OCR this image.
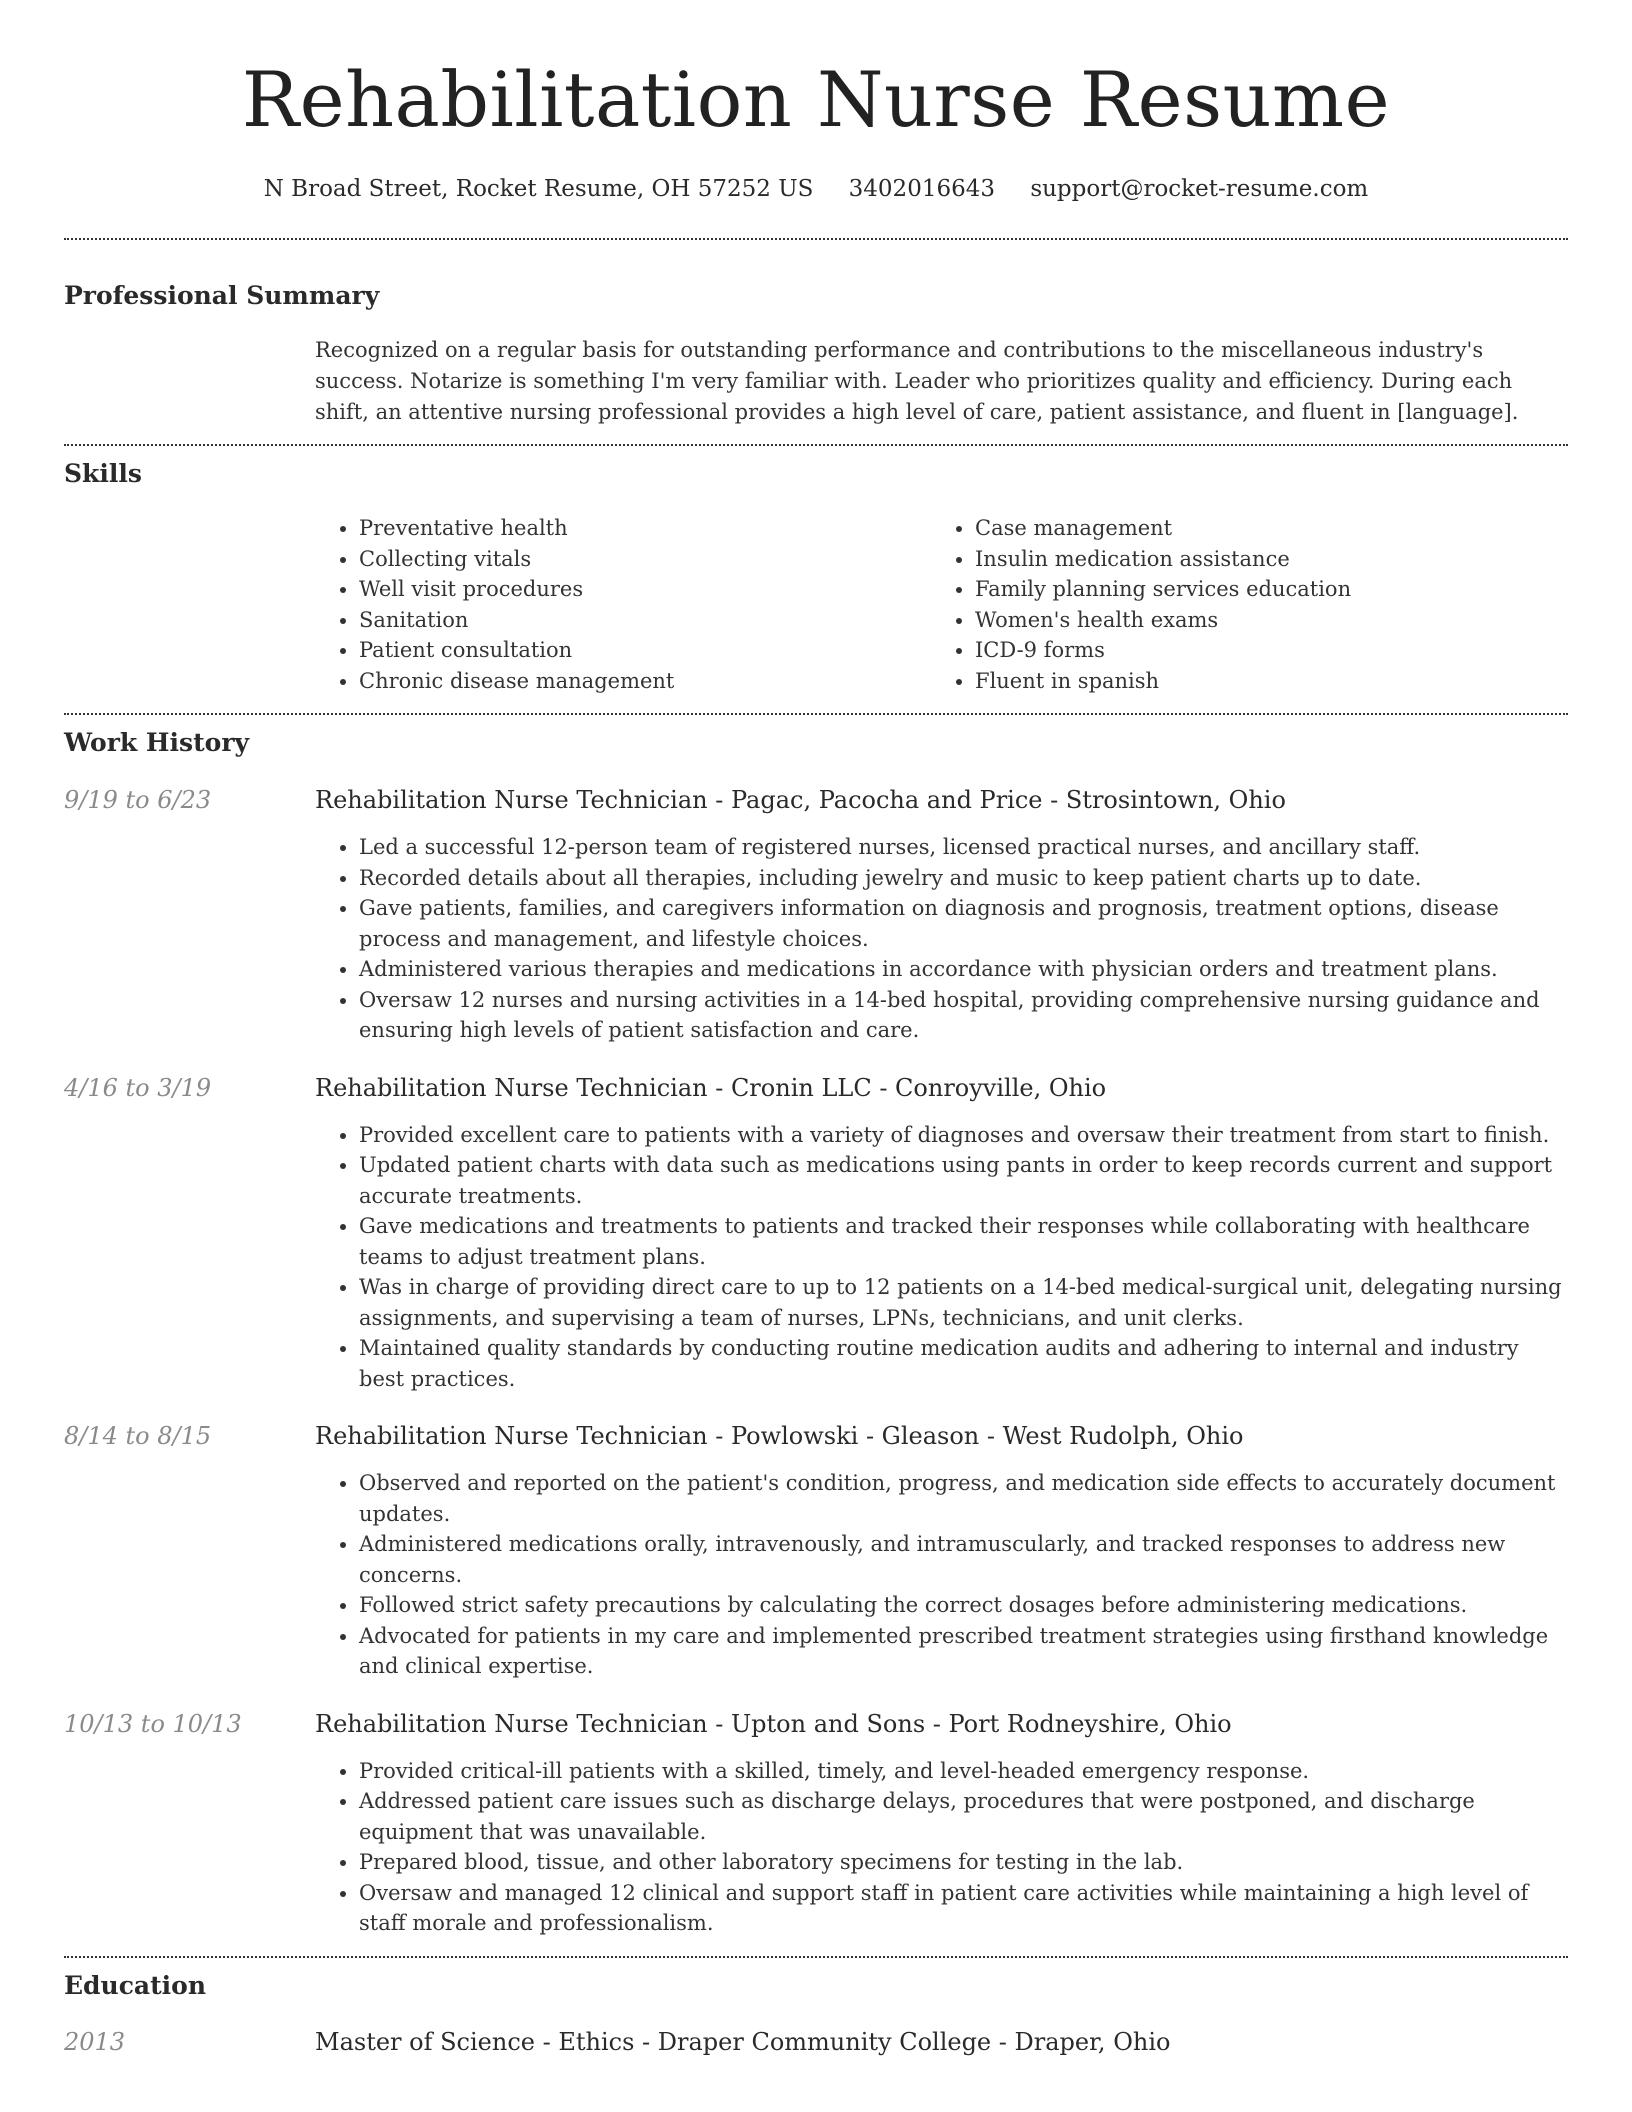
Rehabilitation Nurse Resume
N Broad Street, Rocket Resume, OH 57252 US 3402016643 support@rocket-resume.com
Professional Summary

Recognized on a regular basis for outstanding performance and contributions to the miscellaneous industry's success. Notarize is something I'm very familiar with. Leader who prioritizes quality and efficiency. During each shift, an attentive nursing professional provides a high level of care, patient assistance, and fluent in [language].

Skills
• Preventative health
• Collecting vitals
• Well visit procedures
• Sanitation
• Patient consultation
• Chronic disease management
• Case management
• Insulin medication assistance
• Family planning services education
• Women's health exams
• ICD-9 forms
• Fluent in spanish
Work History
9/19 to 6/23	Rehabilitation Nurse Technician - Pagac, Pacocha and Price - Strosintown, Ohio
• Led a successful 12-person team of registered nurses, licensed practical nurses, and ancillary staff.
• Recorded details about all therapies, including jewelry and music to keep patient charts up to date.
• Gave patients, families, and caregivers information on diagnosis and prognosis, treatment options, disease process and management, and lifestyle choices.
• Administered various therapies and medications in accordance with physician orders and treatment plans.
• Oversaw 12 nurses and nursing activities in a 14-bed hospital, providing comprehensive nursing guidance and ensuring high levels of patient satisfaction and care.
4/16 to 3/19	Rehabilitation Nurse Technician - Cronin LLC - Conroyville, Ohio
• Provided excellent care to patients with a variety of diagnoses and oversaw their treatment from start to finish.
• Updated patient charts with data such as medications using pants in order to keep records current and support accurate treatments.
• Gave medications and treatments to patients and tracked their responses while collaborating with healthcare teams to adjust treatment plans.
• Was in charge of providing direct care to up to 12 patients on a 14-bed medical-surgical unit, delegating nursing assignments, and supervising a team of nurses, LPNs, technicians, and unit clerks.
• Maintained quality standards by conducting routine medication audits and adhering to internal and industry best practices.
8/14 to 8/15	Rehabilitation Nurse Technician - Powlowski - Gleason - West Rudolph, Ohio
• Observed and reported on the patient's condition, progress, and medication side effects to accurately document updates.
• Administered medications orally, intravenously, and intramuscularly, and tracked responses to address new concerns.
• Followed strict safety precautions by calculating the correct dosages before administering medications.
• Advocated for patients in my care and implemented prescribed treatment strategies using firsthand knowledge and clinical expertise.
10/13 to 10/13	Rehabilitation Nurse Technician - Upton and Sons - Port Rodneyshire, Ohio
• Provided critical-ill patients with a skilled, timely, and level-headed emergency response.
• Addressed patient care issues such as discharge delays, procedures that were postponed, and discharge equipment that was unavailable.
• Prepared blood, tissue, and other laboratory specimens for testing in the lab.
• Oversaw and managed 12 clinical and support staff in patient care activities while maintaining a high level of staff morale and professionalism.
Education
2013	Master of Science - Ethics - Draper Community College - Draper, Ohio
